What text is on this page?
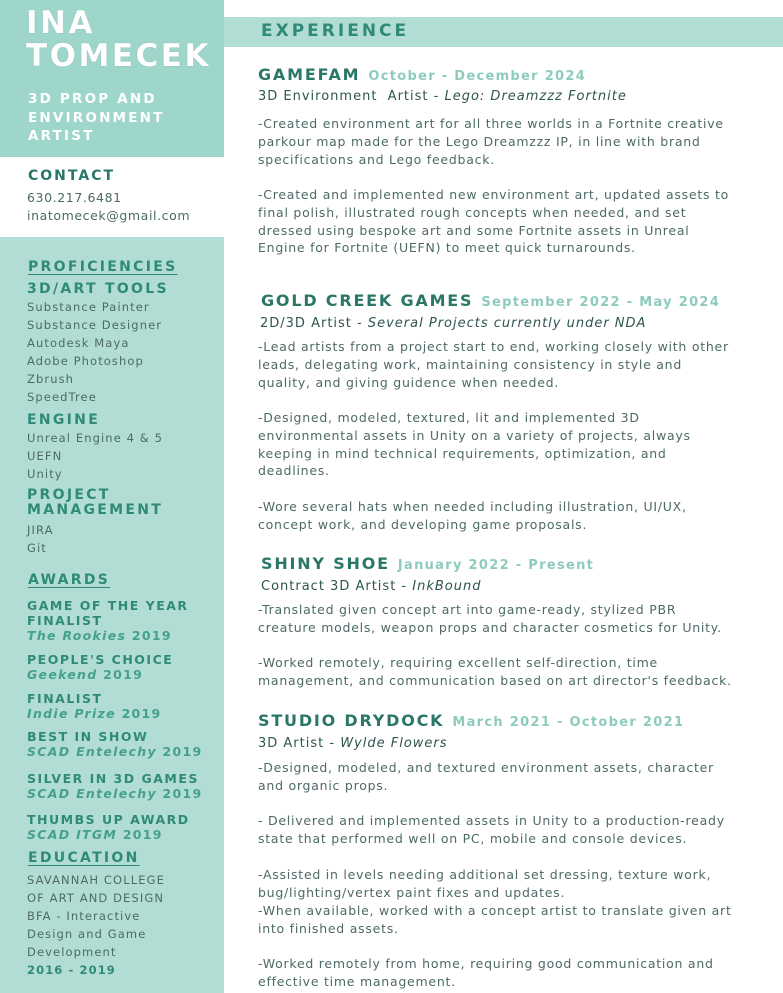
INA
TOMECEK
3D PROP AND
ENVIRONMENT
ARTIST
CONTACT
630.217.6481
inatomecek@gmail.com
PROFICIENCIES
3D/ART TOOLS
Substance Painter
Substance Designer
Autodesk Maya
Adobe Photoshop
Zbrush
SpeedTree
ENGINE
Unreal Engine 4 & 5
UEFN
Unity
PROJECT
MANAGEMENT
JIRA
Git
AWARDS
GAME OF THE YEAR
FINALIST
The Rookies 2019
PEOPLE'S CHOICE
Geekend 2019
FINALIST
Indie Prize 2019
BEST IN SHOW
SCAD Entelechy 2019
SILVER IN 3D GAMES
SCAD Entelechy 2019
THUMBS UP AWARD
SCAD ITGM 2019
EDUCATION
SAVANNAH COLLEGE
OF ART AND DESIGN
BFA - Interactive
Design and Game
Development
2016 - 2019
EXPERIENCE
GAMEFAM October - December 2024
3D Environment  Artist - Lego: Dreamzzz Fortnite
-Created environment art for all three worlds in a Fortnite creative parkour map made for the Lego Dreamzzz IP, in line with brand specifications and Lego feedback.
-Created and implemented new environment art, updated assets to final polish, illustrated rough concepts when needed, and set dressed using bespoke art and some Fortnite assets in Unreal Engine for Fortnite (UEFN) to meet quick turnarounds.
GOLD CREEK GAMES September 2022 - May 2024
2D/3D Artist - Several Projects currently under NDA
-Lead artists from a project start to end, working closely with other leads, delegating work, maintaining consistency in style and quality, and giving guidence when needed.
-Designed, modeled, textured, lit and implemented 3D environmental assets in Unity on a variety of projects, always keeping in mind technical requirements, optimization, and deadlines.
-Wore several hats when needed including illustration, UI/UX, concept work, and developing game proposals.
SHINY SHOE January 2022 - Present
Contract 3D Artist - InkBound
-Translated given concept art into game-ready, stylized PBR creature models, weapon props and character cosmetics for Unity.
-Worked remotely, requiring excellent self-direction, time management, and communication based on art director's feedback.
STUDIO DRYDOCK March 2021 - October 2021
3D Artist - Wylde Flowers
-Designed, modeled, and textured environment assets, character and organic props.
- Delivered and implemented assets in Unity to a production-ready state that performed well on PC, mobile and console devices.
-Assisted in levels needing additional set dressing, texture work, bug/lighting/vertex paint fixes and updates.
-When available, worked with a concept artist to translate given art into finished assets.
-Worked remotely from home, requiring good communication and effective time management.
